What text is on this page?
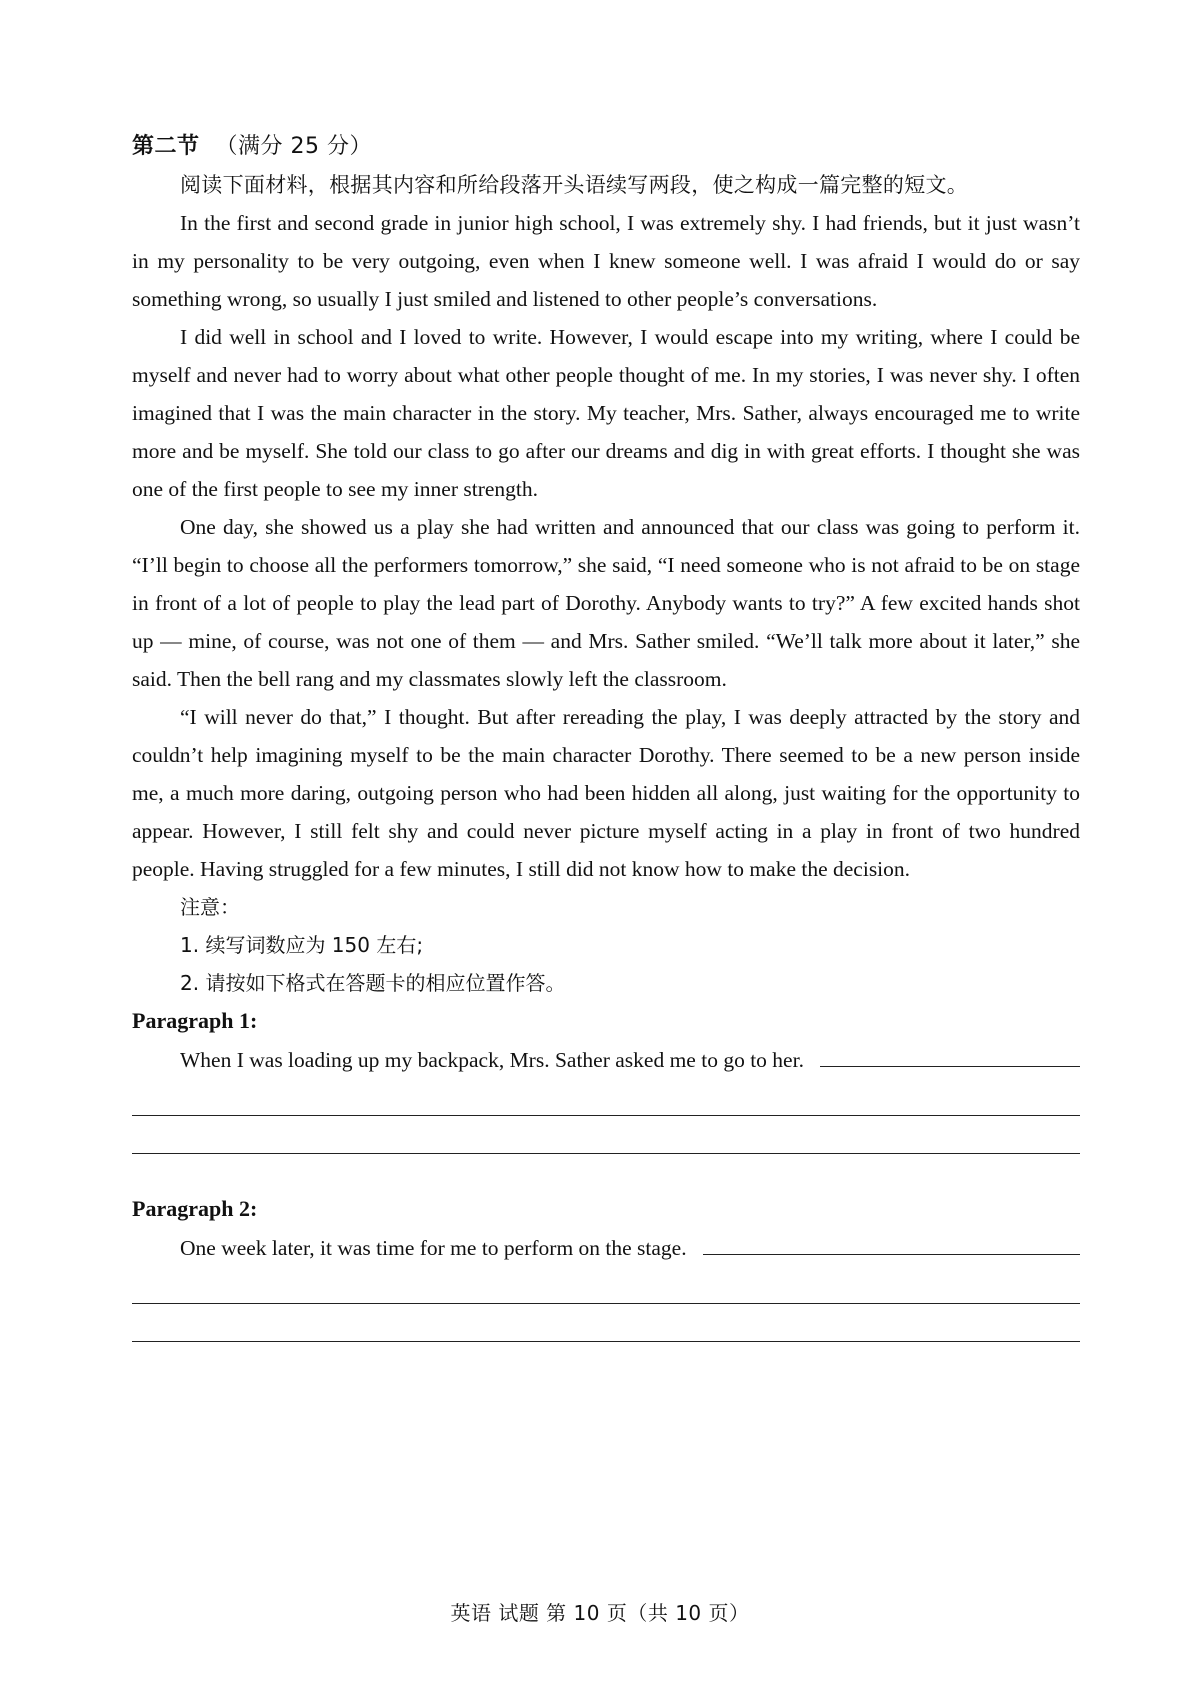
第二节 （满分 25 分）

阅读下面材料，根据其内容和所给段落开头语续写两段，使之构成一篇完整的短文。

In the first and second grade in junior high school, I was extremely shy. I had friends, but it just wasn’t in my personality to be very outgoing, even when I knew someone well. I was afraid I would do or say something wrong, so usually I just smiled and listened to other people’s conversations.

I did well in school and I loved to write. However, I would escape into my writing, where I could be myself and never had to worry about what other people thought of me. In my stories, I was never shy. I often imagined that I was the main character in the story. My teacher, Mrs. Sather, always encouraged me to write more and be myself. She told our class to go after our dreams and dig in with great efforts. I thought she was one of the first people to see my inner strength.

One day, she showed us a play she had written and announced that our class was going to perform it. “I’ll begin to choose all the performers tomorrow,” she said, “I need someone who is not afraid to be on stage in front of a lot of people to play the lead part of Dorothy. Anybody wants to try?” A few excited hands shot up — mine, of course, was not one of them — and Mrs. Sather smiled. “We’ll talk more about it later,” she said. Then the bell rang and my classmates slowly left the classroom.

“I will never do that,” I thought. But after rereading the play, I was deeply attracted by the story and couldn’t help imagining myself to be the main character Dorothy. There seemed to be a new person inside me, a much more daring, outgoing person who had been hidden all along, just waiting for the opportunity to appear. However, I still felt shy and could never picture myself acting in a play in front of two hundred people. Having struggled for a few minutes, I still did not know how to make the decision.

注意：
1. 续写词数应为 150 左右;
2. 请按如下格式在答题卡的相应位置作答。
Paragraph 1:
When I was loading up my backpack, Mrs. Sather asked me to go to her.
Paragraph 2:
One week later, it was time for me to perform on the stage.
英语 试题 第 10 页（共 10 页）
